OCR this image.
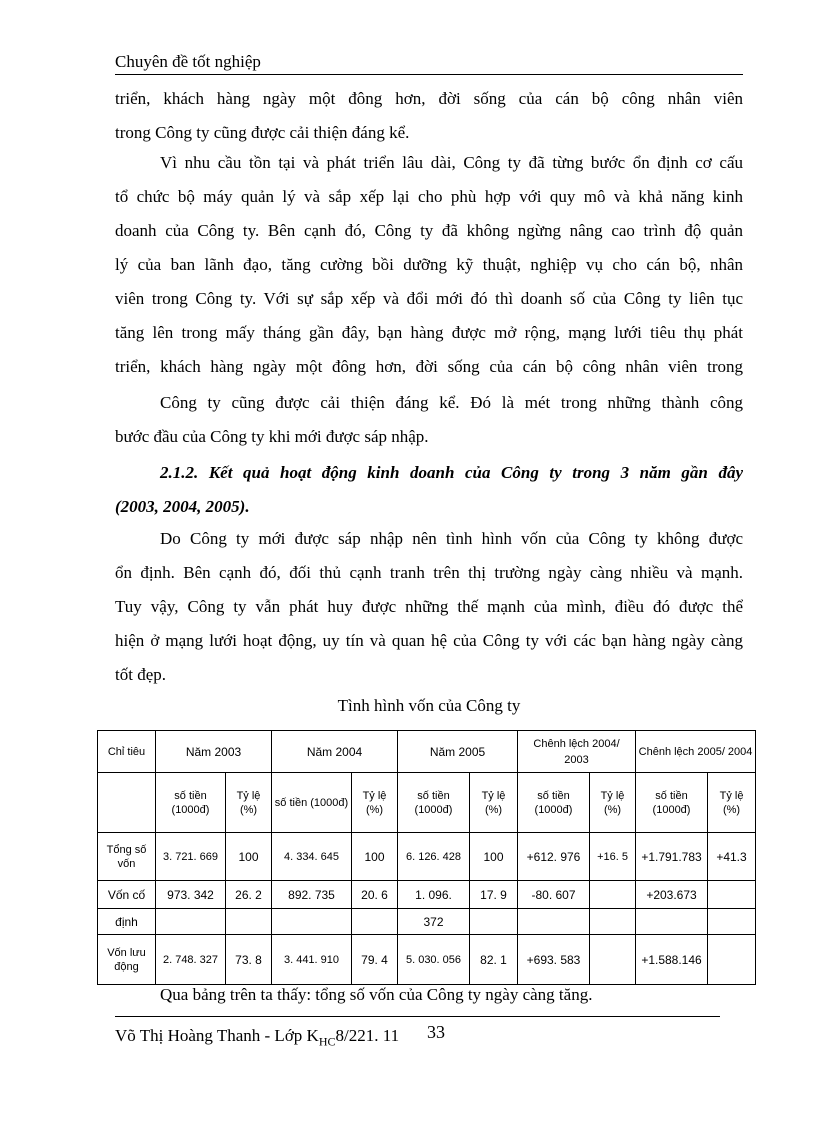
Chuyên đề tốt nghiệp
triển, khách hàng ngày một đông hơn, đời sống của cán bộ công nhân viên
trong Công ty cũng được cải thiện đáng kể.
Vì nhu cầu tồn tại và phát triển lâu dài, Công ty đã từng bước ổn định cơ cấu
tổ chức bộ máy quản lý và sắp xếp lại cho phù hợp với quy mô và khả năng kinh
doanh của Công ty. Bên cạnh đó, Công ty đã không ngừng nâng cao trình độ quản
lý của ban lãnh đạo, tăng cường bồi dưỡng kỹ thuật, nghiệp vụ cho cán bộ, nhân
viên trong Công ty. Với sự sắp xếp và đổi mới đó thì doanh số của Công ty liên tục
tăng lên trong mấy tháng gần đây, bạn hàng được mở rộng, mạng lưới tiêu thụ phát
triển, khách hàng ngày một đông hơn, đời sống của cán bộ công nhân viên trong
Công ty cũng được cải thiện đáng kể. Đó là mét trong những thành công
bước đầu của Công ty khi mới được sáp nhập.
2.1.2. Kết quả hoạt động kinh doanh của Công ty trong 3 năm gần đây
(2003, 2004, 2005).
Do Công ty mới được sáp nhập nên tình hình vốn của Công ty không được
ổn định. Bên cạnh đó, đối thủ cạnh tranh trên thị trường ngày càng nhiều và mạnh.
Tuy vậy, Công ty vẫn phát huy được những thế mạnh của mình, điều đó được thể
hiện ở mạng lưới hoạt động, uy tín và quan hệ của Công ty với các bạn hàng ngày càng
tốt đẹp.
Tình hình vốn của Công ty
Chỉ tiêu	Năm 2003		Năm 2004		Năm 2005		Chênh lệch 2004/ 2003		Chênh lệch 2005/ 2004	
	số tiền (1000đ)	Tỷ lệ (%)	số tiền (1000đ)	Tỷ lệ (%)	số tiền (1000đ)	Tỷ lệ (%)	số tiền (1000đ)	Tỷ lệ (%)	số tiền (1000đ)	Tỷ lệ (%)
Tổng số vốn	3. 721. 669	100	4. 334. 645	100	6. 126. 428	100	+612. 976	+16. 5	+1.791.783	+41.3
Vốn cố	973. 342	26. 2	892. 735	20. 6	1. 096.	17. 9	-80. 607		+203.673	
định					372					
Vốn lưu động	2. 748. 327	73. 8	3. 441. 910	79. 4	5. 030. 056	82. 1	+693. 583		+1.588.146	
Qua bảng trên ta thấy: tổng số vốn của Công ty ngày càng tăng.
Võ Thị Hoàng Thanh - Lớp $K_{HC}8/221$. 11 33
